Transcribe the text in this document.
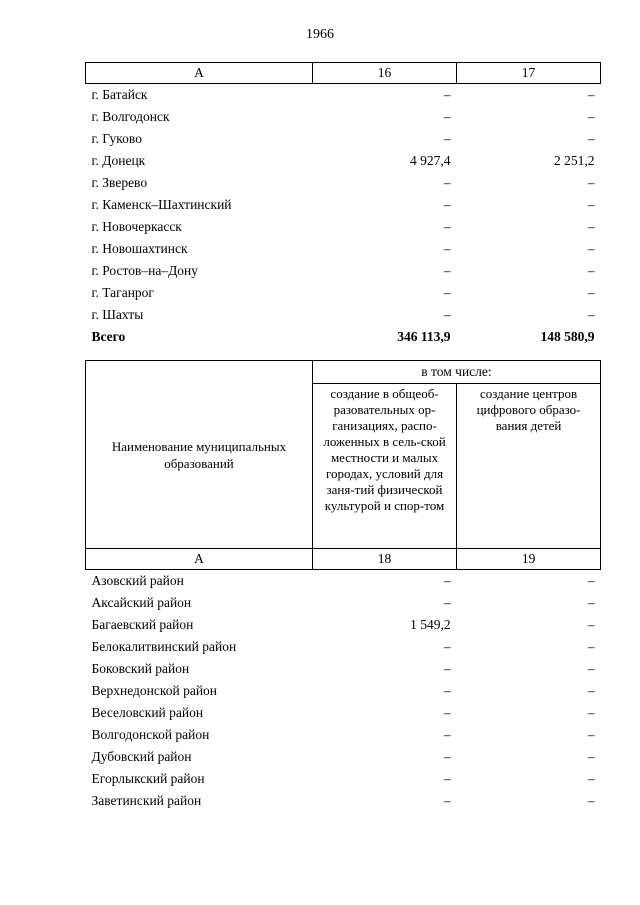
1966
А	16	17
г. Батайск	–	–
г. Волгодонск	–	–
г. Гуково	–	–
г. Донецк	4 927,4	2 251,2
г. Зверево	–	–
г. Каменск–Шахтинский	–	–
г. Новочеркасск	–	–
г. Новошахтинск	–	–
г. Ростов–на–Дону	–	–
г. Таганрог	–	–
г. Шахты	–	–
Всего	346 113,9	148 580,9
Наименование муниципальных образований	в том числе:	
	создание в общеоб-разовательных ор-ганизациях, распо-ложенных в сель-ской местности и малых городах, условий для заня-тий физической культурой и спор-том	создание центров цифрового образо-вания детей
А	18	19
Азовский район	–	–
Аксайский район	–	–
Багаевский район	1 549,2	–
Белокалитвинский район	–	–
Боковский район	–	–
Верхнедонской район	–	–
Веселовский район	–	–
Волгодонской район	–	–
Дубовский район	–	–
Егорлыкский район	–	–
Заветинский район	–	–
